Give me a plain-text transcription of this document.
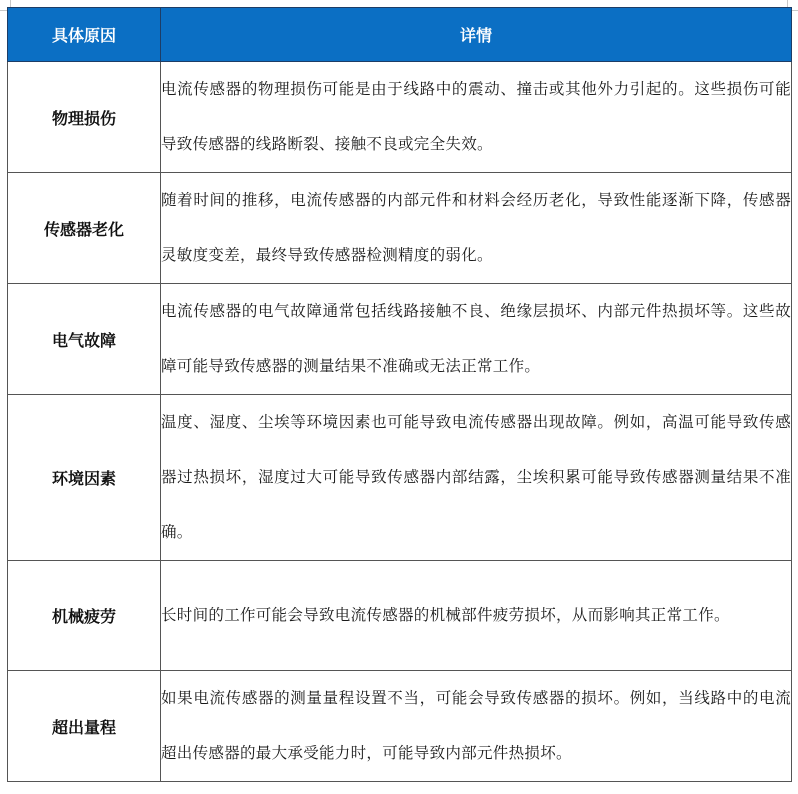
具体原因	详情
物理损伤	电流传感器的物理损伤可能是由于线路中的震动、撞击或其他外力引起的。这些损伤可能导致传感器的线路断裂、接触不良或完全失效。
传感器老化	随着时间的推移，电流传感器的内部元件和材料会经历老化，导致性能逐渐下降，传感器灵敏度变差，最终导致传感器检测精度的弱化。
电气故障	电流传感器的电气故障通常包括线路接触不良、绝缘层损坏、内部元件热损坏等。这些故障可能导致传感器的测量结果不准确或无法正常工作。
环境因素	温度、湿度、尘埃等环境因素也可能导致电流传感器出现故障。例如，高温可能导致传感器过热损坏，湿度过大可能导致传感器内部结露，尘埃积累可能导致传感器测量结果不准确。
机械疲劳	长时间的工作可能会导致电流传感器的机械部件疲劳损坏，从而影响其正常工作。
超出量程	如果电流传感器的测量量程设置不当，可能会导致传感器的损坏。例如，当线路中的电流超出传感器的最大承受能力时，可能导致内部元件热损坏。
